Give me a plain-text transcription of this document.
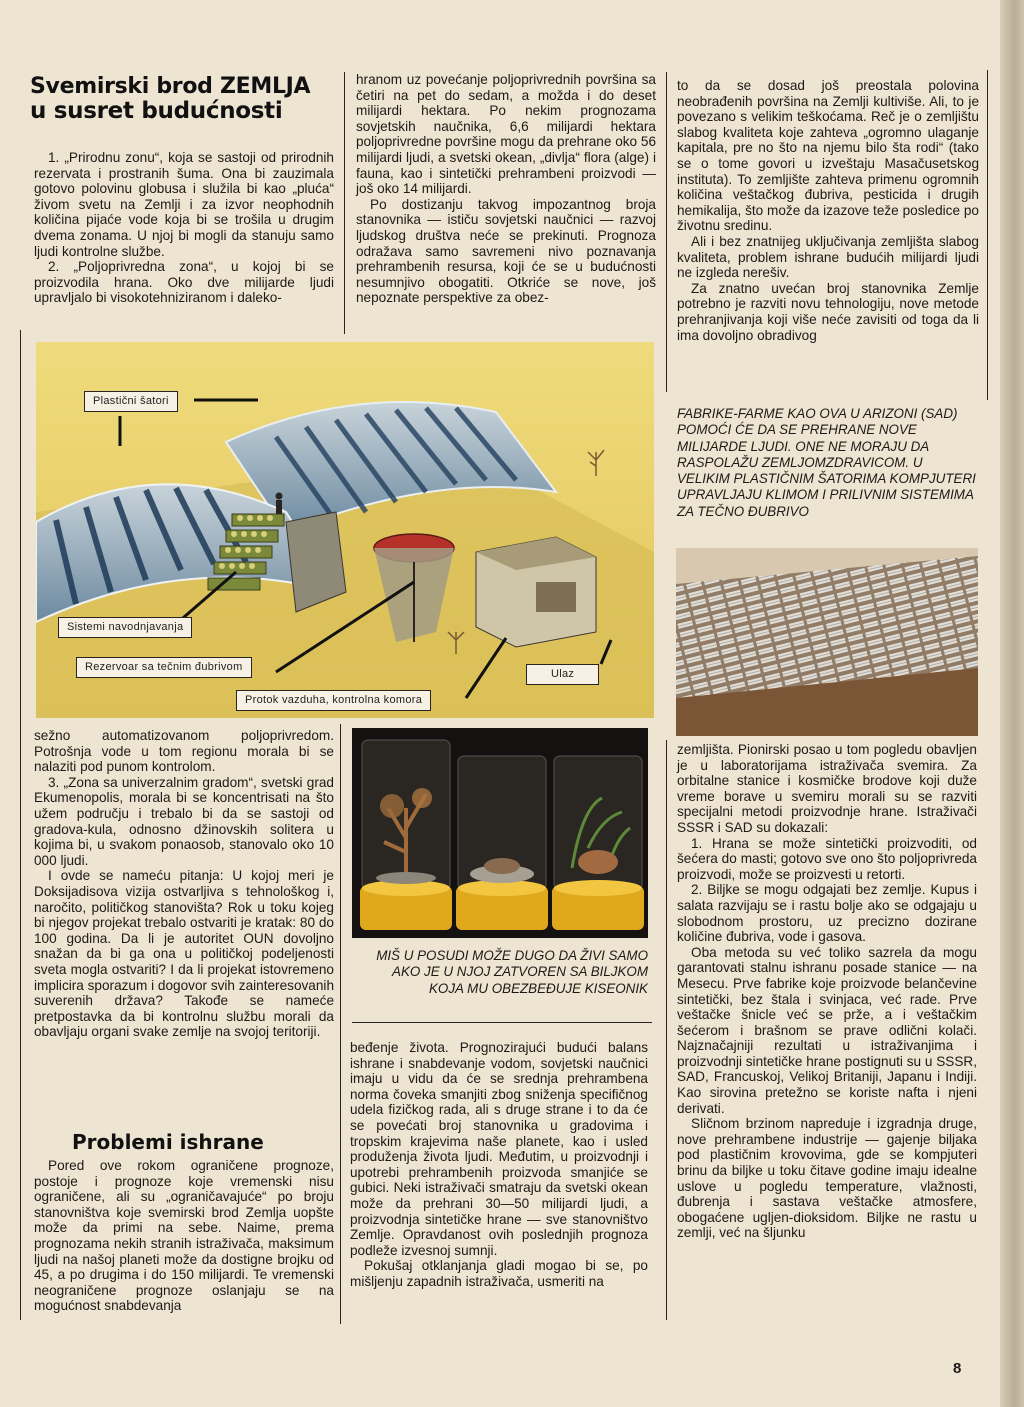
Svemirski brod ZEMLJA
u susret budućnosti

1. „Prirodnu zonu“, koja se sastoji od prirodnih rezervata i prostranih šuma. Ona bi zauzimala gotovo polovinu globusa i služila bi kao „pluća“ živom svetu na Zemlji i za izvor neophodnih količina pijaće vode koja bi se trošila u drugim dvema zonama. U njoj bi mogli da stanuju samo ljudi kontrolne službe.

2. „Poljoprivredna zona“, u kojoj bi se proizvodila hrana. Oko dve milijarde ljudi upravljalo bi visokotehniziranom i daleko-

hranom uz povećanje poljoprivrednih površina sa četiri na pet do sedam, a možda i do deset milijardi hektara. Po nekim prognozama sovjetskih naučnika, 6,6 milijardi hektara poljoprivredne površine mogu da prehrane oko 56 milijardi ljudi, a svetski okean, „divlja“ flora (alge) i fauna, kao i sintetički prehrambeni proizvodi — još oko 14 milijardi.

Po dostizanju takvog impozantnog broja stanovnika — ističu sovjetski naučnici — razvoj ljudskog društva neće se prekinuti. Prognoza odražava samo savremeni nivo poznavanja prehrambenih resursa, koji će se u budućnosti nesumnjivo obogatiti. Otkriće se nove, još nepoznate perspektive za obez-

to da se dosad još preostala polovina neobrađenih površina na Zemlji kultiviše. Ali, to je povezano s velikim teškoćama. Reč je o zemljištu slabog kvaliteta koje zahteva „ogromno ulaganje kapitala, pre no što na njemu bilo šta rodi“ (tako se o tome govori u izveštaju Masačusetskog instituta). To zemljište zahteva primenu ogromnih količina veštačkog đubriva, pesticida i drugih hemikalija, što može da izazove teže posledice po životnu sredinu.

Ali i bez znatnijeg uključivanja zemljišta slabog kvaliteta, problem ishrane budućih milijardi ljudi ne izgleda nerešiv.

Za znatno uvećan broj stanovnika Zemlje potrebno je razviti novu tehnologiju, nove metode prehranjivanja koji više neće zavisiti od toga da li ima dovoljno obradivog

Plastični šatori
Sistemi navodnjavanja
Rezervoar sa tečnim đubrivom
Protok vazduha, kontrolna komora
Ulaz
FABRIKE-FARME KAO OVA U ARIZONI (SAD) POMOĆI ĆE DA SE PREHRANE NOVE MILIJARDE LJUDI. ONE NE MORAJU DA RASPOLAŽU ZEMLJOMZDRAVICOM. U VELIKIM PLASTIČNIM ŠATORIMA KOMPJUTERI UPRAVLJAJU KLIMOM I PRILIVNIM SISTEMIMA ZA TEČNO ĐUBRIVO
MIŠ U POSUDI MOŽE DUGO DA ŽIVI SAMO AKO JE U NJOJ ZATVOREN SA BILJKOM KOJA MU OBEZBEĐUJE KISEONIK

sežno automatizovanom poljoprivredom. Potrošnja vode u tom regionu morala bi se nalaziti pod punom kontrolom.

3. „Zona sa univerzalnim gradom“, svetski grad Ekumenopolis, morala bi se koncentrisati na što užem području i trebalo bi da se sastoji od gradova-kula, odnosno džinovskih solitera u kojima bi, u svakom ponaosob, stanovalo oko 10 000 ljudi.

I ovde se nameću pitanja: U kojoj meri je Doksijadisova vizija ostvarljiva s tehnološkog i, naročito, političkog stanovišta? Rok u toku kojeg bi njegov projekat trebalo ostvariti je kratak: 80 do 100 godina. Da li je autoritet OUN dovoljno snažan da bi ga ona u političkoj podeljenosti sveta mogla ostvariti? I da li projekat istovremeno implicira sporazum i dogovor svih zainteresovanih suverenih država? Takođe se nameće pretpostavka da bi kontrolnu službu morali da obavljaju organi svake zemlje na svojoj teritoriji.

Problemi ishrane

Pored ove rokom ograničene prognoze, postoje i prognoze koje vremenski nisu ograničene, ali su „ograničavajuće“ po broju stanovništva koje svemirski brod Zemlja uopšte može da primi na sebe. Naime, prema prognozama nekih stranih istraživača, maksimum ljudi na našoj planeti može da dostigne brojku od 45, a po drugima i do 150 milijardi. Te vremenski neograničene prognoze oslanjaju se na mogućnost snabdevanja

beđenje života. Prognozirajući budući balans ishrane i snabdevanje vodom, sovjetski naučnici imaju u vidu da će se srednja prehrambena norma čoveka smanjiti zbog sniženja specifičnog udela fizičkog rada, ali s druge strane i to da će se povećati broj stanovnika u gradovima i tropskim krajevima naše planete, kao i usled produženja života ljudi. Međutim, u proizvodnji i upotrebi prehrambenih proizvoda smanjiće se gubici. Neki istraživači smatraju da svetski okean može da prehrani 30—50 milijardi ljudi, a proizvodnja sintetičke hrane — sve stanovništvo Zemlje. Opravdanost ovih poslednjih prognoza podleže izvesnoj sumnji.

Pokušaj otklanjanja gladi mogao bi se, po mišljenju zapadnih istraživača, usmeriti na

zemljišta. Pionirski posao u tom pogledu obavljen je u laboratorijama istraživača svemira. Za orbitalne stanice i kosmičke brodove koji duže vreme borave u svemiru morali su se razviti specijalni metodi proizvodnje hrane. Istraživači SSSR i SAD su dokazali:

1. Hrana se može sintetički proizvoditi, od šećera do masti; gotovo sve ono što poljoprivreda proizvodi, može se proizvesti u retorti.

2. Biljke se mogu odgajati bez zemlje. Kupus i salata razvijaju se i rastu bolje ako se odgajaju u slobodnom prostoru, uz precizno dozirane količine đubriva, vode i gasova.

Oba metoda su već toliko sazrela da mogu garantovati stalnu ishranu posade stanice — na Mesecu. Prve fabrike koje proizvode belančevine sintetički, bez štala i svinjaca, već rade. Prve veštačke šnicle već se prže, a i veštačkim šećerom i brašnom se prave odlični kolači. Najznačajniji rezultati u istraživanjima i proizvodnji sintetičke hrane postignuti su u SSSR, SAD, Francuskoj, Velikoj Britaniji, Japanu i Indiji. Kao sirovina pretežno se koriste nafta i njeni derivati.

Sličnom brzinom napreduje i izgradnja druge, nove prehrambene industrije — gajenje biljaka pod plastičnim krovovima, gde se kompjuteri brinu da biljke u toku čitave godine imaju idealne uslove u pogledu temperature, vlažnosti, đubrenja i sastava veštačke atmosfere, obogaćene ugljen-dioksidom. Biljke ne rastu u zemlji, već na šljunku

8
